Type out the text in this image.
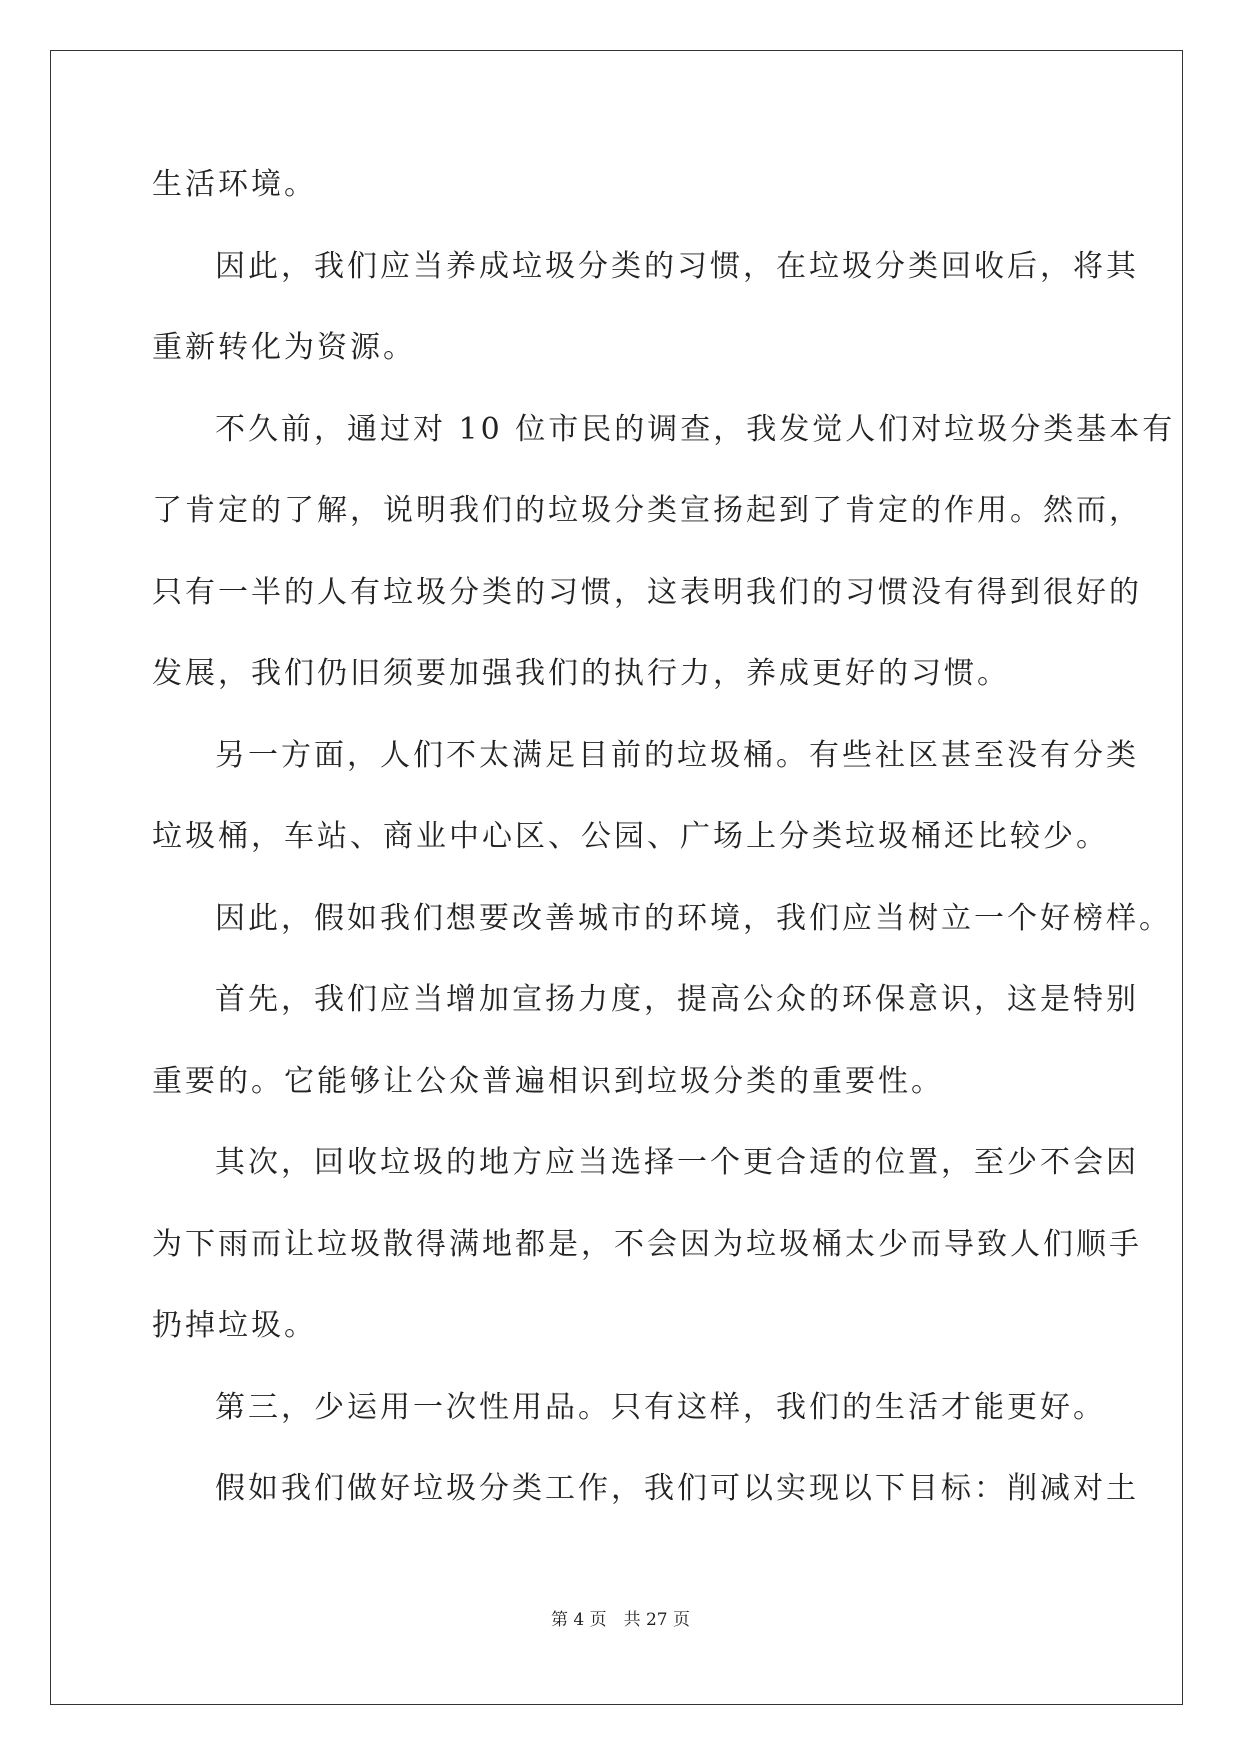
生活环境。

因此，我们应当养成垃圾分类的习惯，在垃圾分类回收后，将其

重新转化为资源。

不久前，通过对 10 位市民的调查，我发觉人们对垃圾分类基本有

了肯定的了解，说明我们的垃圾分类宣扬起到了肯定的作用。然而，

只有一半的人有垃圾分类的习惯，这表明我们的习惯没有得到很好的

发展，我们仍旧须要加强我们的执行力，养成更好的习惯。

另一方面，人们不太满足目前的垃圾桶。有些社区甚至没有分类

垃圾桶，车站、商业中心区、公园、广场上分类垃圾桶还比较少。

因此，假如我们想要改善城市的环境，我们应当树立一个好榜样。

首先，我们应当增加宣扬力度，提高公众的环保意识，这是特别

重要的。它能够让公众普遍相识到垃圾分类的重要性。

其次，回收垃圾的地方应当选择一个更合适的位置，至少不会因

为下雨而让垃圾散得满地都是，不会因为垃圾桶太少而导致人们顺手

扔掉垃圾。

第三，少运用一次性用品。只有这样，我们的生活才能更好。

假如我们做好垃圾分类工作，我们可以实现以下目标：削减对土

第 4 页　共 27 页
